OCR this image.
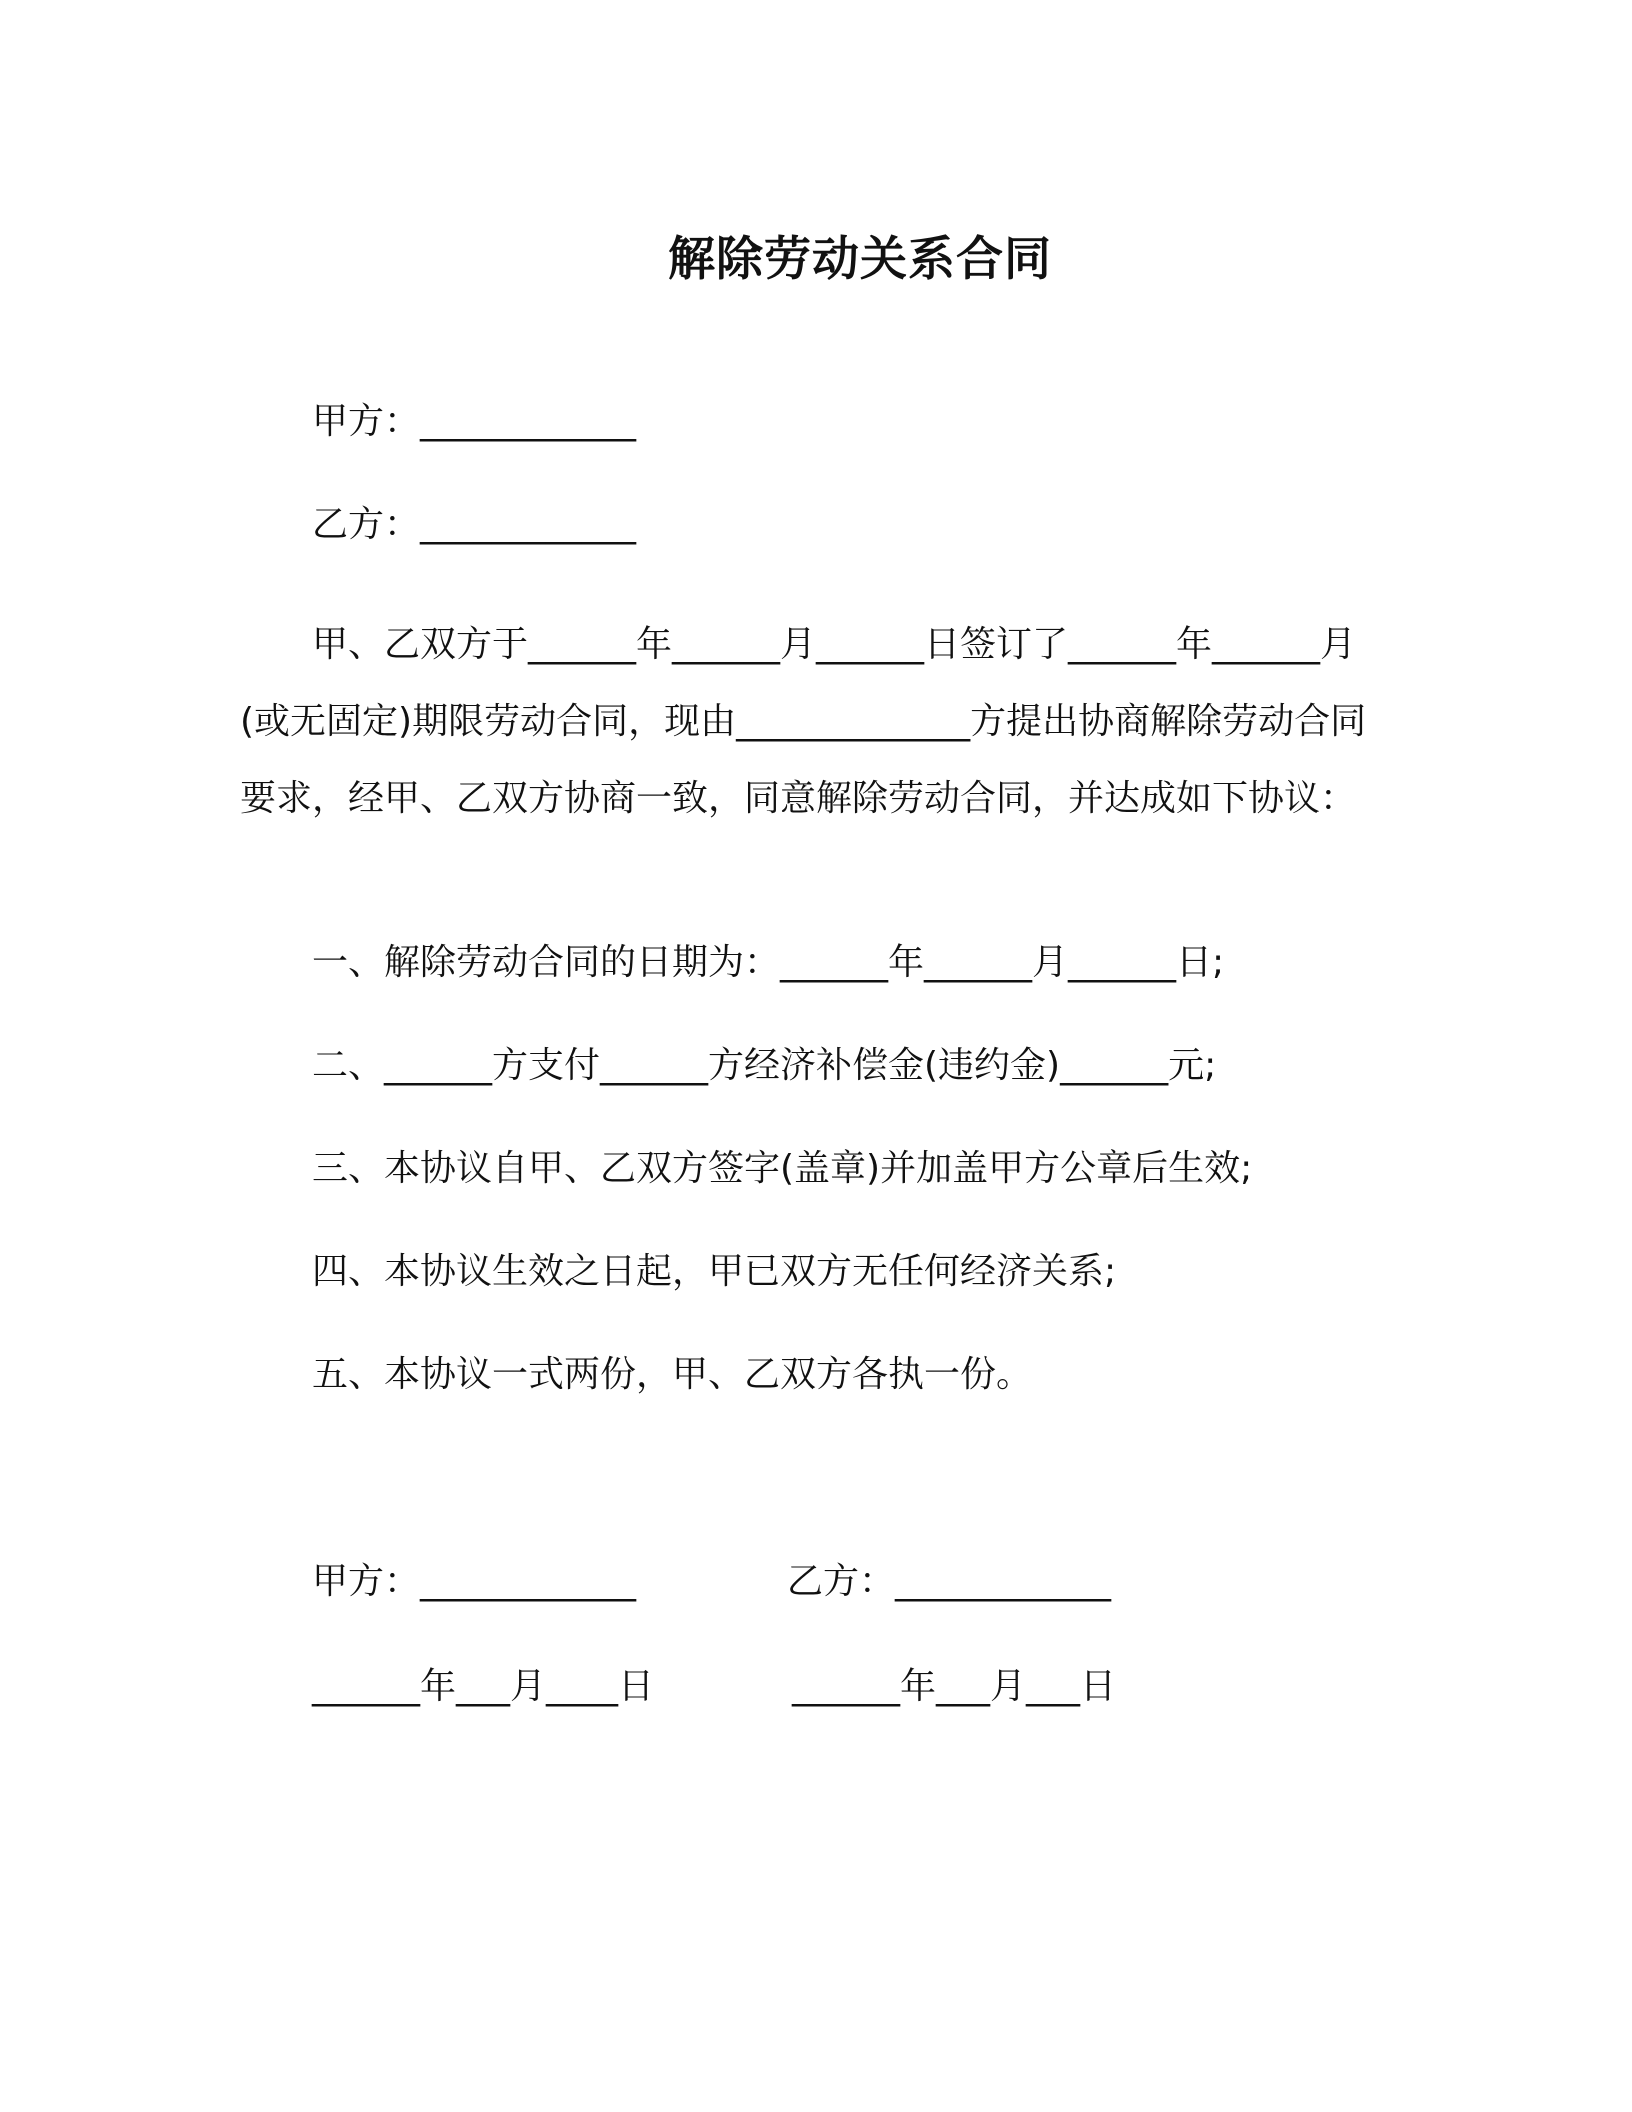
解除劳动关系合同
甲方：____________
乙方：____________
甲、乙双方于______年______月______日签订了______年______月(或无固定)期限劳动合同，现由_____________方提出协商解除劳动合同要求，经甲、乙双方协商一致，同意解除劳动合同，并达成如下协议：
一、解除劳动合同的日期为：______年______月______日;
二、______方支付______方经济补偿金(违约金)______元;
三、本协议自甲、乙双方签字(盖章)并加盖甲方公章后生效;
四、本协议生效之日起，甲已双方无任何经济关系;
五、本协议一式两份，甲、乙双方各执一份。
甲方：____________	乙方：____________
______年___月____日	______年___月___日
